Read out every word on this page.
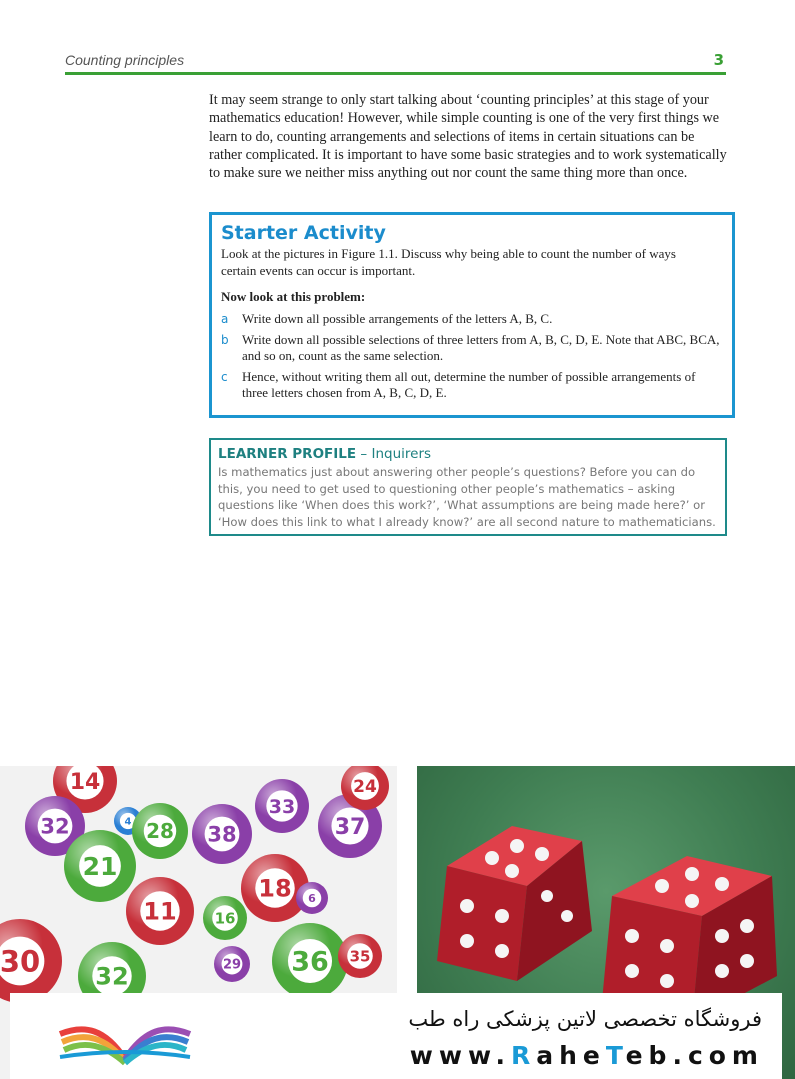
Counting principles	3

It may seem strange to only start talking about ‘counting principles’ at this stage of your mathematics education! However, while simple counting is one of the very first things we learn to do, counting arrangements and selections of items in certain situations can be rather complicated. It is important to have some basic strategies and to work systematically to make sure we neither miss anything out nor count the same thing more than once.

Starter Activity

Look at the pictures in Figure 1.1. Discuss why being able to count the number of ways certain events can occur is important.

Now look at this problem:

a Write down all possible arrangements of the letters A, B, C.
b Write down all possible selections of three letters from A, B, C, D, E. Note that ABC, BCA, and so on, count as the same selection.
c Hence, without writing them all out, determine the number of possible arrangements of three letters chosen from A, B, C, D, E.
LEARNER PROFILE – Inquirers
Is mathematics just about answering other people’s questions? Before you can do this, you need to get used to questioning other people’s mathematics – asking questions like ‘When does this work?’, ‘What assumptions are being made here?’ or ‘How does this link to what I already know?’ are all second nature to mathematicians.
14
32	4 28 38
33
37
21
18
11	6
30
16
32	29 36
24
35
فروشگاه تخصصی لاتین پزشکی راه طب
www.RaheTeb.com
